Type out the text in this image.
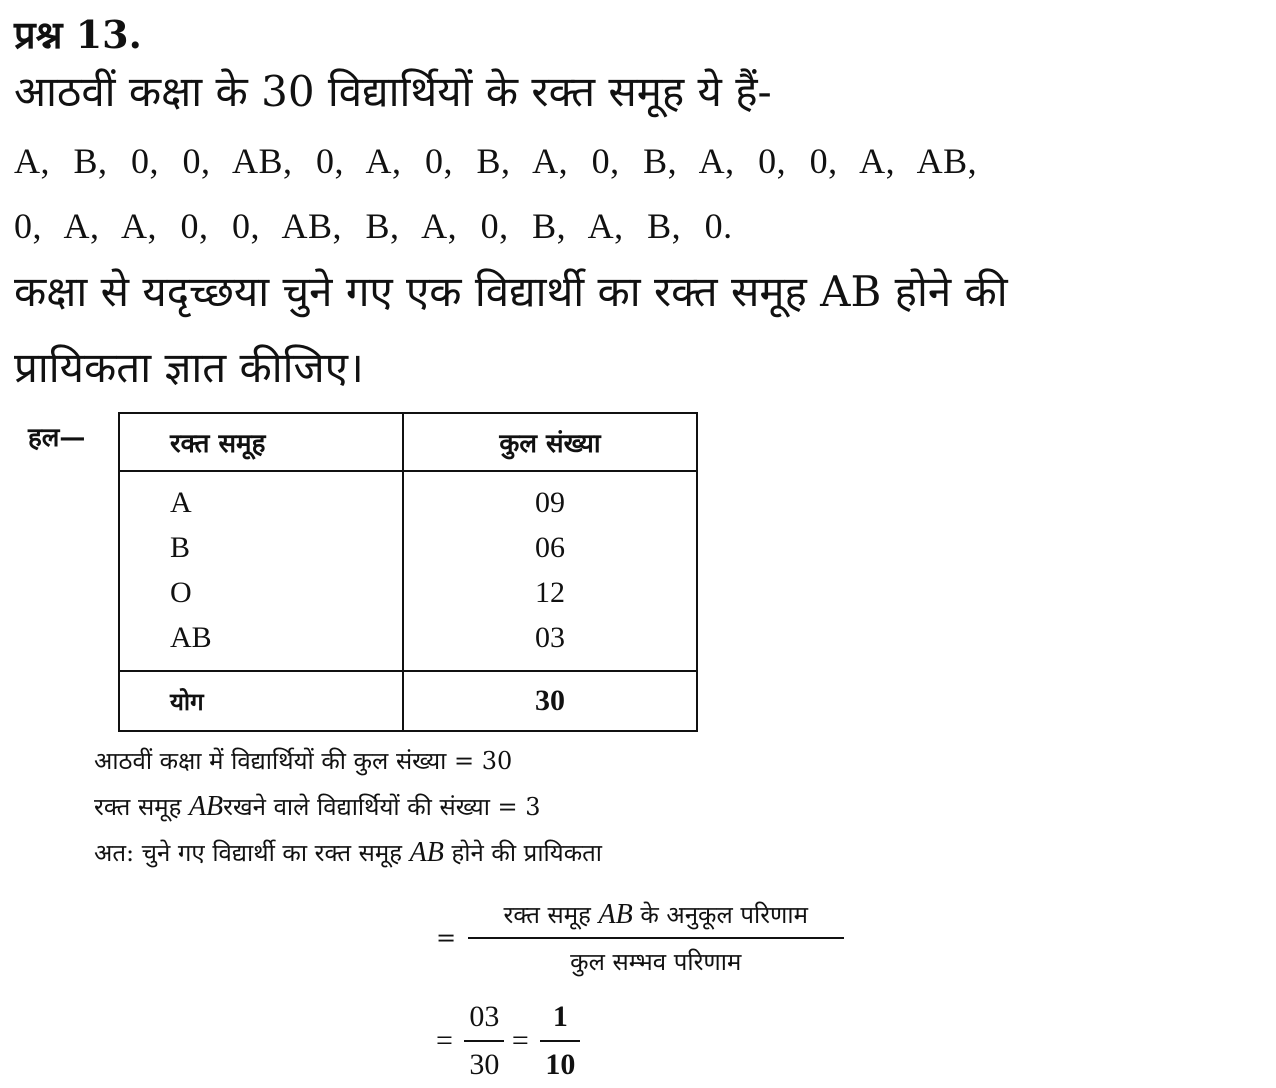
प्रश्न 13.
आठवीं कक्षा के 30 विद्यार्थियों के रक्त समूह ये हैं-
A, B, 0, 0, AB, 0, A, 0, B, A, 0, B, A, 0, 0, A, AB,
0, A, A, 0, 0, AB, B, A, 0, B, A, B, 0.
कक्षा से यदृच्छया चुने गए एक विद्यार्थी का रक्त समूह AB होने की
प्रायिकता ज्ञात कीजिए।
हल—	रक्त समूह	कुल संख्या
A	09
B	06
O	12
AB	03
योग	30
आठवीं कक्षा में विद्यार्थियों की कुल संख्या = 30
रक्त समूह ABरखने वाले विद्यार्थियों की संख्या = 3
अत: चुने गए विद्यार्थी का रक्त समूह AB होने की प्रायिकता
= $\frac{\text{रक्त समूह AB के अनुकूल परिणाम}}{\text{कुल सम्भव परिणाम}}$
= $\frac{03}{30} = \frac{1}{10}$
